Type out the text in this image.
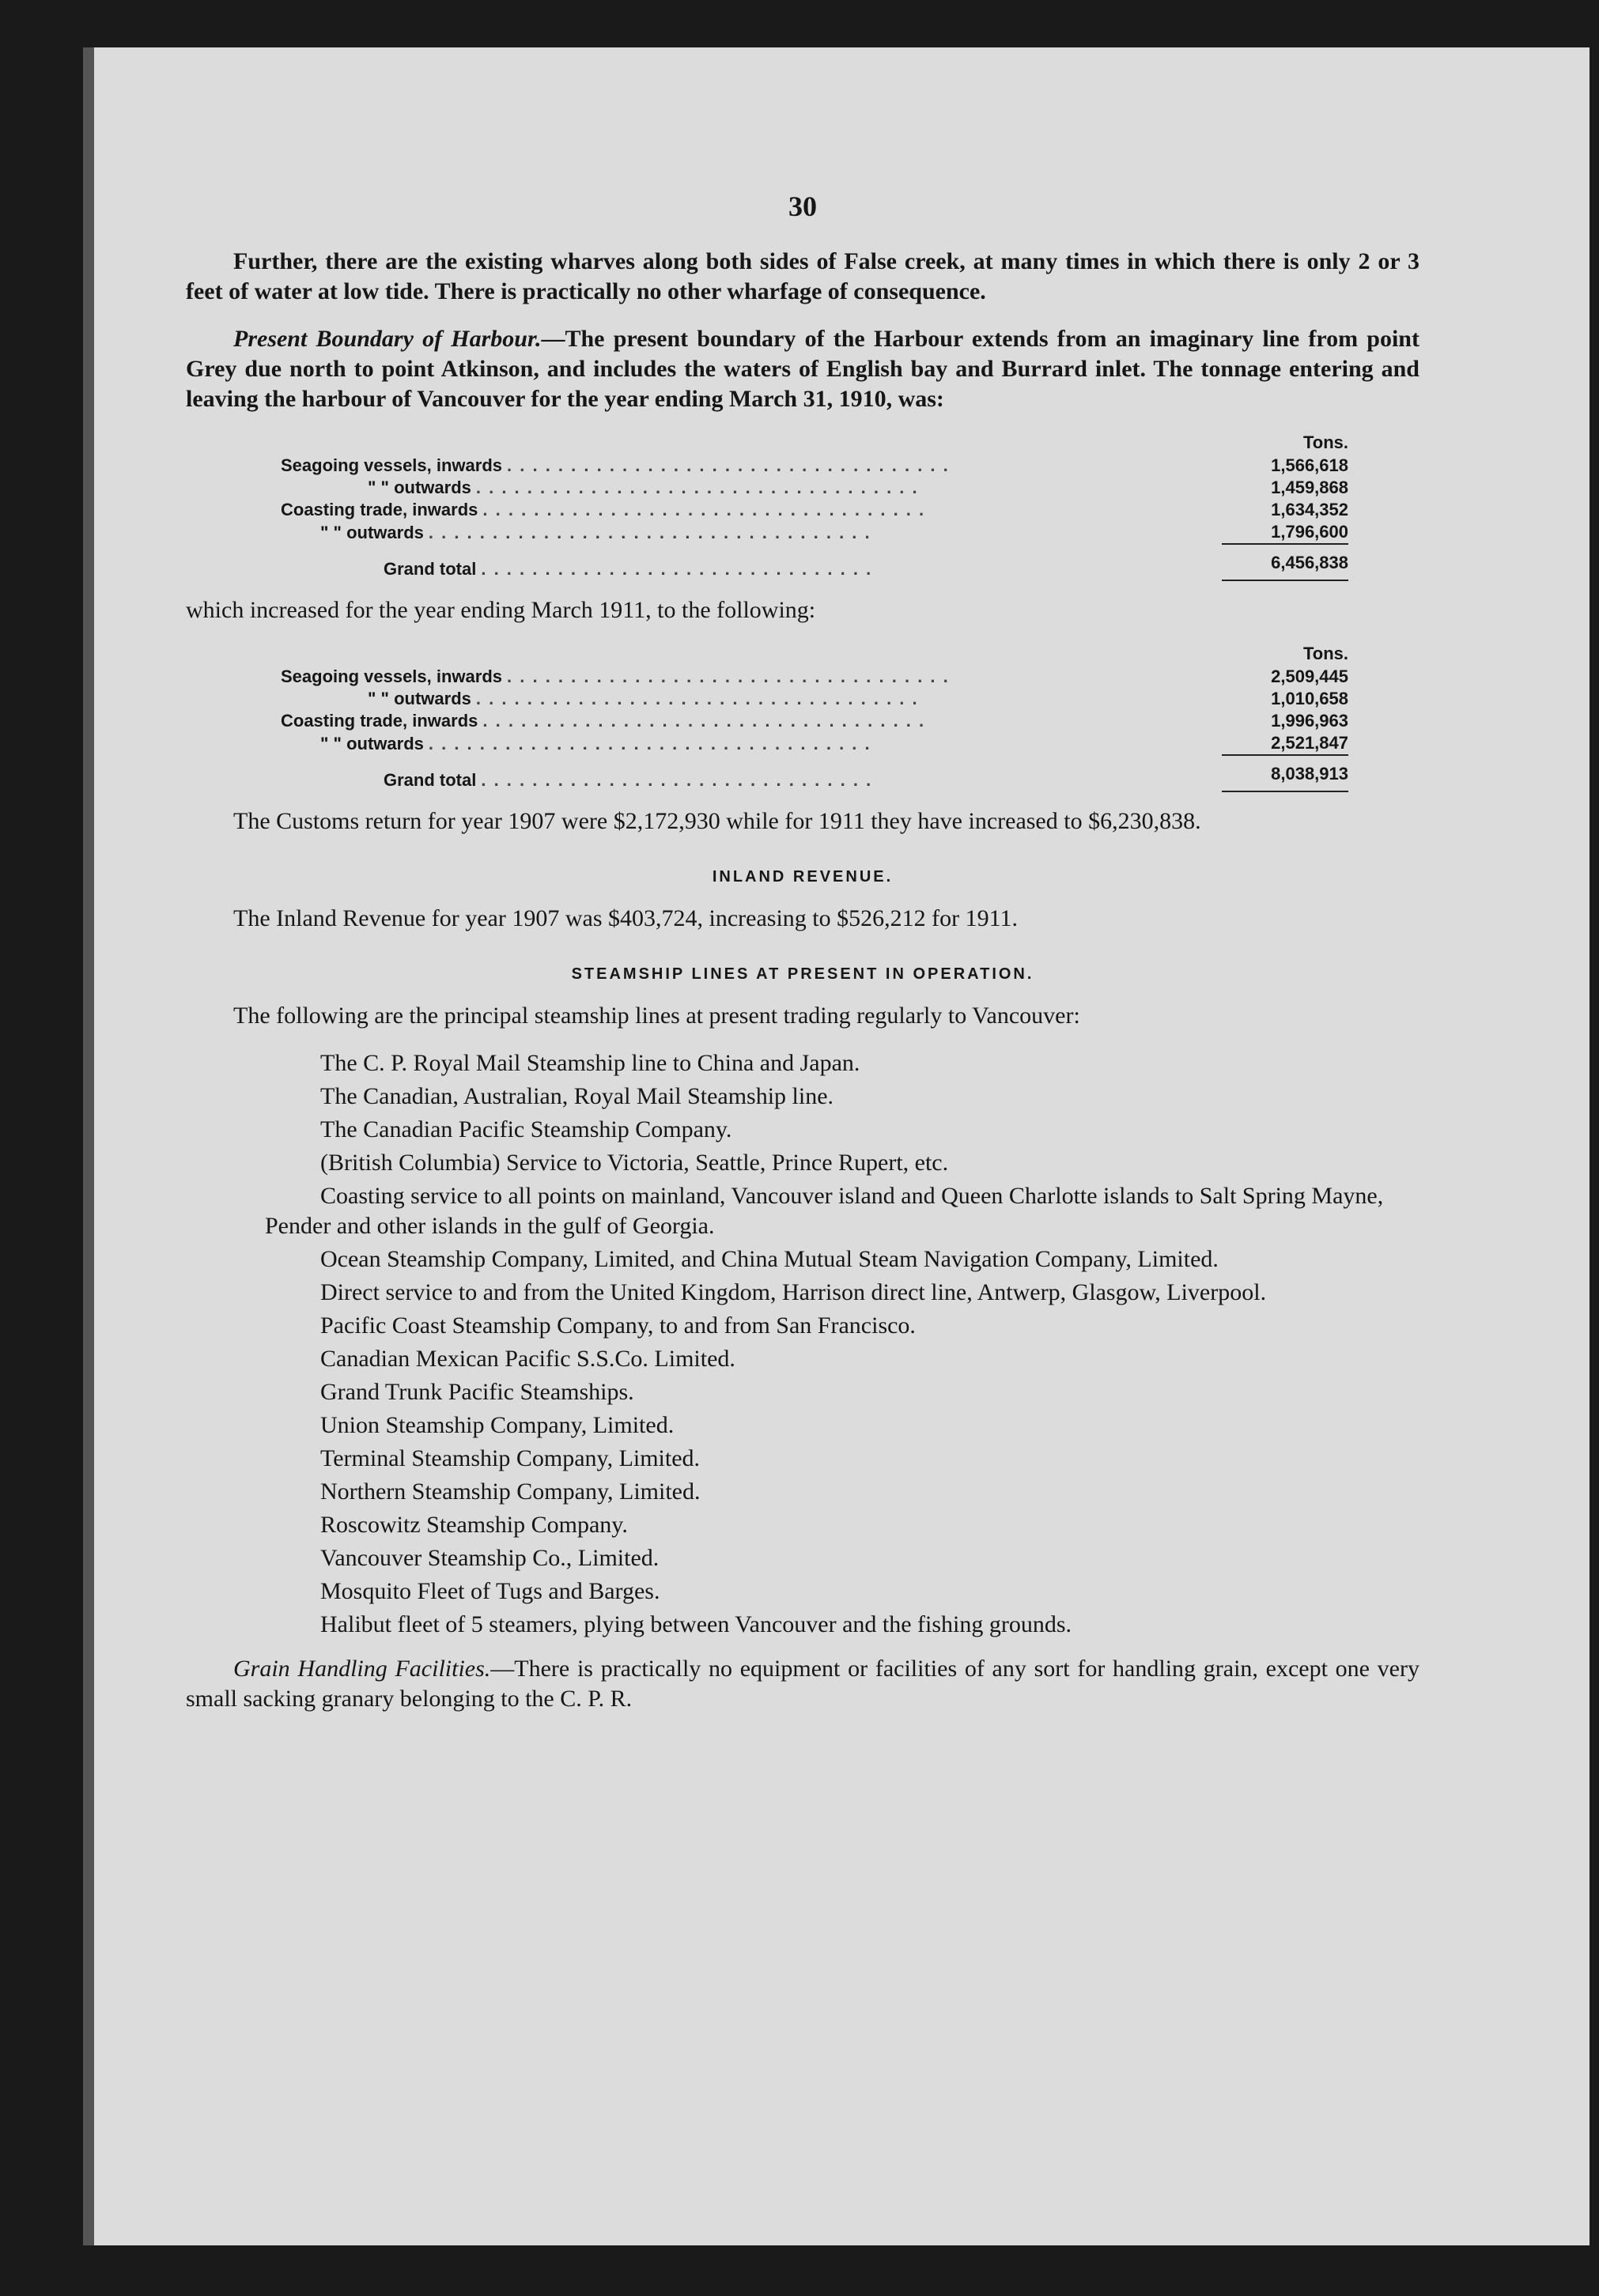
30

Further, there are the existing wharves along both sides of False creek, at many times in which there is only 2 or 3 feet of water at low tide. There is practically no other wharfage of consequence.

Present Boundary of Harbour.—The present boundary of the Harbour extends from an imaginary line from point Grey due north to point Atkinson, and includes the waters of English bay and Burrard inlet. The tonnage entering and leaving the harbour of Vancouver for the year ending March 31, 1910, was:

	Tons.
Seagoing vessels, inwards . . . . . . . . . . . . . . . . . . . . . . . . . . . . . . . . . . .	1,566,618
" " outwards . . . . . . . . . . . . . . . . . . . . . . . . . . . . . . . . . . .	1,459,868
Coasting trade, inwards . . . . . . . . . . . . . . . . . . . . . . . . . . . . . . . . . . .	1,634,352
" " outwards . . . . . . . . . . . . . . . . . . . . . . . . . . . . . . . . . . .	1,796,600
Grand total . . . . . . . . . . . . . . . . . . . . . . . . . . . . . . .	6,456,838

which increased for the year ending March 1911, to the following:

	Tons.
Seagoing vessels, inwards . . . . . . . . . . . . . . . . . . . . . . . . . . . . . . . . . . .	2,509,445
" " outwards . . . . . . . . . . . . . . . . . . . . . . . . . . . . . . . . . . .	1,010,658
Coasting trade, inwards . . . . . . . . . . . . . . . . . . . . . . . . . . . . . . . . . . .	1,996,963
" " outwards . . . . . . . . . . . . . . . . . . . . . . . . . . . . . . . . . . .	2,521,847
Grand total . . . . . . . . . . . . . . . . . . . . . . . . . . . . . . .	8,038,913

The Customs return for year 1907 were $2,172,930 while for 1911 they have increased to $6,230,838.

INLAND REVENUE.

The Inland Revenue for year 1907 was $403,724, increasing to $526,212 for 1911.

STEAMSHIP LINES AT PRESENT IN OPERATION.

The following are the principal steamship lines at present trading regularly to Vancouver:

The C. P. Royal Mail Steamship line to China and Japan.
The Canadian, Australian, Royal Mail Steamship line.
The Canadian Pacific Steamship Company.
(British Columbia) Service to Victoria, Seattle, Prince Rupert, etc.
Coasting service to all points on mainland, Vancouver island and Queen Charlotte islands to Salt Spring Mayne, Pender and other islands in the gulf of Georgia.
Ocean Steamship Company, Limited, and China Mutual Steam Navigation Company, Limited.
Direct service to and from the United Kingdom, Harrison direct line, Antwerp, Glasgow, Liverpool.
Pacific Coast Steamship Company, to and from San Francisco.
Canadian Mexican Pacific S.S.Co. Limited.
Grand Trunk Pacific Steamships.
Union Steamship Company, Limited.
Terminal Steamship Company, Limited.
Northern Steamship Company, Limited.
Roscowitz Steamship Company.
Vancouver Steamship Co., Limited.
Mosquito Fleet of Tugs and Barges.
Halibut fleet of 5 steamers, plying between Vancouver and the fishing grounds.

Grain Handling Facilities.—There is practically no equipment or facilities of any sort for handling grain, except one very small sacking granary belonging to the C. P. R.
